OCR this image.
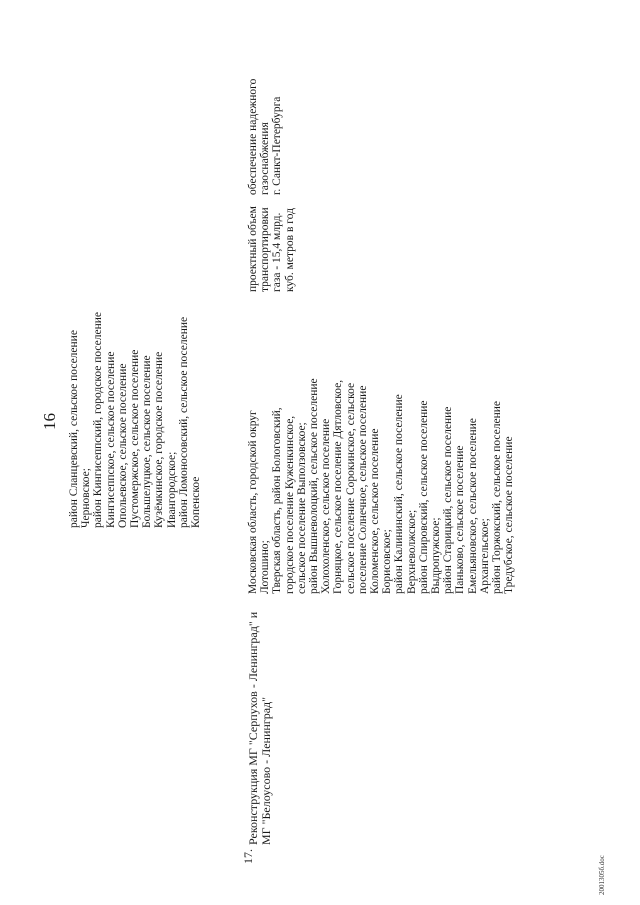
16 район Сланцевский, сельское поселение Черновское; район Кингисеппский, городское поселение Кингисеппское, сельское поселение Опольевское, сельское поселение Пустомержское, сельское поселение Большелуцкое, сельское поселение Кузёмкинское, городское поселение Ивангородское; район Ломоносовский, сельское поселение Копенское
17.
Реконструкция МГ "Серпухов - Ленинград" и МГ "Белоусово - Ленинград"
Московская область, городской округ Лотошино; Тверская область, район Бологовский, городское поселение Куженкинское, сельское поселение Выползовское; район Вышневолоцкий, сельское поселение Холохоленское, сельское поселение Горняцкое, сельское поселение Дятловское, сельское поселение Сорокинское, сельское поселение Солнечное, сельское поселение Коломенское, сельское поселение Борисовское; район Калининский, сельское поселение Верхневолжское; район Спировский, сельское поселение Выдропужское; район Старицкий, сельское поселение Паньково, сельское поселение Емельяновское, сельское поселение Архангельское; район Торжокский, сельское поселение Тредубское, сельское поселение
проектный объем транспортировки газа - 15,4 млрд. куб. метров в год
обеспечение надежного газоснабжения г. Санкт-Петербурга
2001305б.doc
